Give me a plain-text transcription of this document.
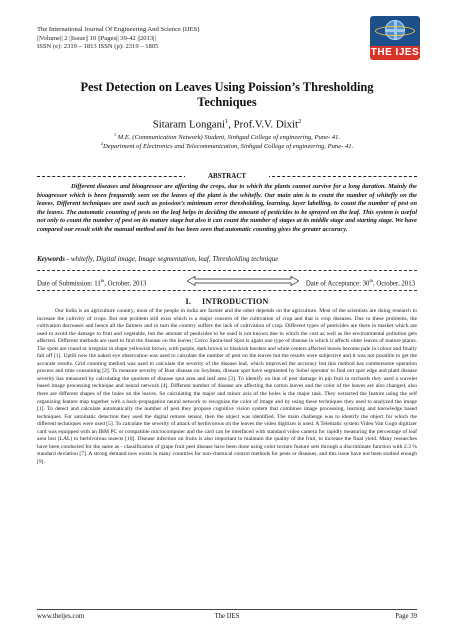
The International Journal Of Engineering And Science (IJES)
||Volume|| 2 ||Issue|| 10 ||Pages|| 39-42 ||2013||
ISSN (e): 2319 – 1813 ISSN (p): 2319 – 1805
THE IJES
Pest Detection on Leaves Using Poission’s Thresholding
Techniques
Sitaram Longani$^1$, Prof.V.V. Dixit$^2$
$^1$ M.E. (Communication Network) Student, Sinhgad College of engineering, Pune- 41.
$^2$Department of Electronics and Telecommunication, Sinhgad College of engineering, Pune- 41.
ABSTRACT
Different diseases and bioagressor are affecting the crops, due to which the plants cannot survive for a long duration. Mainly the bioagressor which is been frequently seen on the leaves of the plant is the whitefly. Our main aim is to count the number of whitefly on the leaves. Different techniques are used such as poission’s minimum error thresholding, learning, layer labelling, to count the number of pest on the leaves. The automatic counting of pests on the leaf helps in deciding the amount of pesticides to be sprayed on the leaf. This system is useful not only to count the number of pest on its mature stage but also it can count the number of stages at its middle stage and starting stage. We have compared our result with the manual method and its has been seen that automatic counting gives the greater accuracy.
Keywords - whitefly, Digital image, Image segmentation, leaf, Thresholding technique
Date of Submission: 11th, October, 2013	Date of Acceptance: 30th, October, 2013
I.     INTRODUCTION
Our India is an agriculture country, most of the people in india are farmer and the other depends on the agriculture. Most of the scientists are doing research to increase the cultivity of crops. But one problem still exist which is a major concern of the cultivation of crop and that is crop diseases. Due to these problems, the cultivation decreases and hence all the farmers and in turn the country suffers the lack of cultivation of crop. Different types of pesticides are there in market which are used to avoid the damage to fruit and vegetable, but the amount of pesticides to be used is not known due to which the cost as well as the environmental pollution gets affected. Different methods are used to find the disease on the leaves; Cerco Spora-leaf Spot is again one type of disease in which it affects older leaves of mature plants. The spots are round or irregular in shape yellowish brown, with purple, dark brown or blackish borders and white centers affected leaves become pale in colour and finally fall off [1]. Uptill now the naked eye observation was used to calculate the number of pest on the leaves but the results were subjective and it was not possible to get the accurate results. Grid counting method was used to calculate the severity of the disease leaf, which improved the accuracy but this method has cumbersome operation process and time consuming [2]. To measure severity of Rust disease on Soybean, disease spot have segmented by Sobel operator to find out spot edge and plant disease severity has measured by calculating the quotient of disease spot area and leaf area [3]. To identify on line of pest damage in pip fruit in orchards they used a wavelet based image processing technique and neural network [4]. Different number of disease are affecting the cotton leaves and the color of the leaves are also changed, also there are different shapes of the holes on the leaves. So calculating the major and minor axis of the holes is the major task. They extracted the feature using the self organizing feature map together with a back-propagation neural network to recognize the color of image and by using these techniques they used to analyzed the image [1]. To detect and calculate automatically the number of pest they propose cognitive vision system that combines image processing, learning and knowledge based techniques. For automatic detection they used the digital remote sensor, then the object was identified. The main challenge was to identify the object for which the different techniques were used [5]. To calculate the severity of attack of herbivorous on the leaves the video digitizer is used. A Telematic system Video Van Gogh digitizer card was equipped with an IBM PC or compatible microcomputer and the card can be interfaced with standard video camera for rapidly measuring the percentage of leaf area lost (LAL) to herbivorous insects [10]. Disease infection on fruits is also important to maintain the quality of the fruit, to increase the final yield. Many researches have been conducted for the same as - classification of grape fruit peel disease have been done using color texture feature sets through a discriminate function with 2.3 % standard deviation [7]. A strong demand now exists in many countries for non-chemical control methods for pests or diseases, and this issue have not been studied enough [9].
www.theijes.com	The IJES	Page 39
